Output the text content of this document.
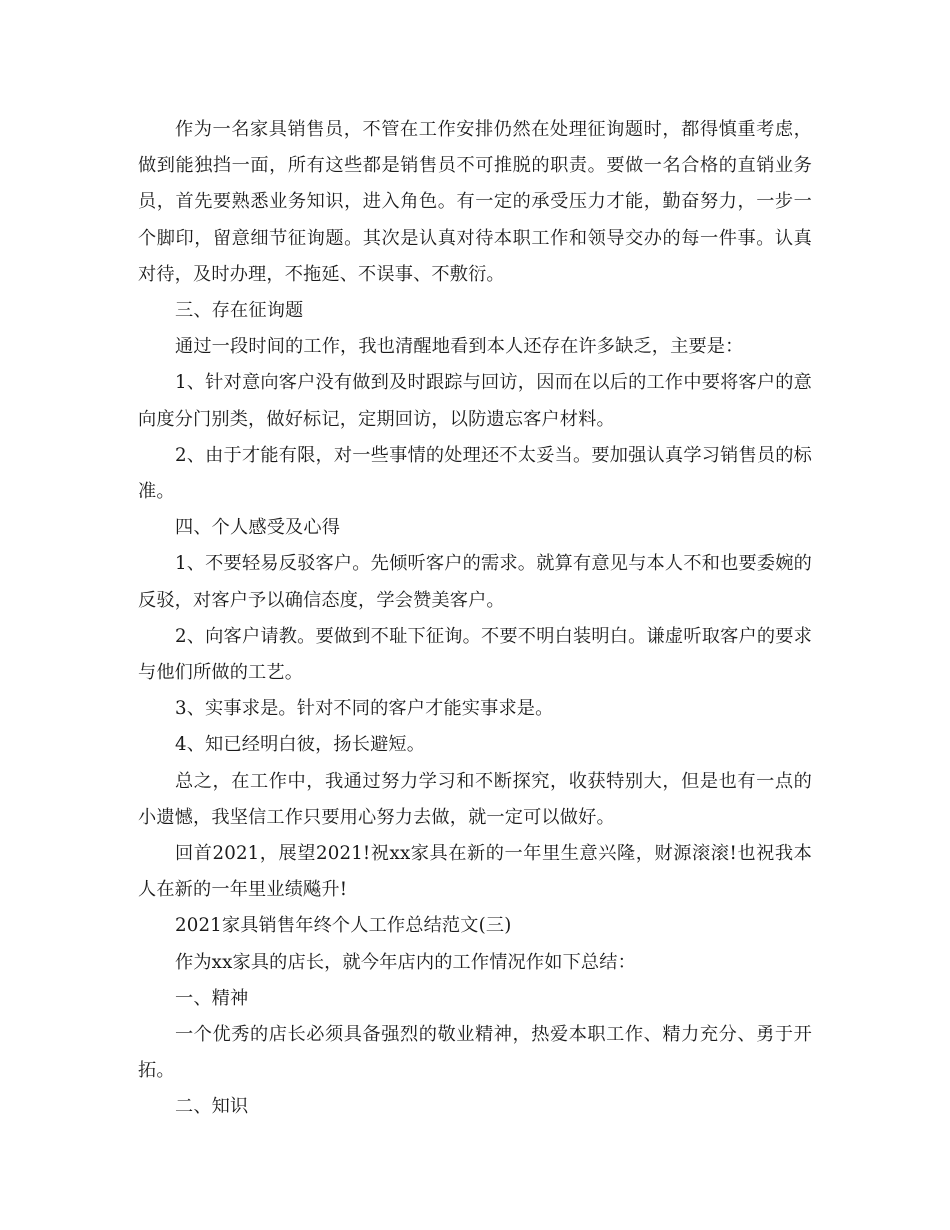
作为一名家具销售员，不管在工作安排仍然在处理征询题时，都得慎重考虑，做到能独挡一面，所有这些都是销售员不可推脱的职责。要做一名合格的直销业务员，首先要熟悉业务知识，进入角色。有一定的承受压力才能，勤奋努力，一步一个脚印，留意细节征询题。其次是认真对待本职工作和领导交办的每一件事。认真对待，及时办理，不拖延、不误事、不敷衍。

三、存在征询题

通过一段时间的工作，我也清醒地看到本人还存在许多缺乏，主要是：

1、针对意向客户没有做到及时跟踪与回访，因而在以后的工作中要将客户的意向度分门别类，做好标记，定期回访，以防遗忘客户材料。

2、由于才能有限，对一些事情的处理还不太妥当。要加强认真学习销售员的标准。

四、个人感受及心得

1、不要轻易反驳客户。先倾听客户的需求。就算有意见与本人不和也要委婉的反驳，对客户予以确信态度，学会赞美客户。

2、向客户请教。要做到不耻下征询。不要不明白装明白。谦虚听取客户的要求与他们所做的工艺。

3、实事求是。针对不同的客户才能实事求是。

4、知已经明白彼，扬长避短。

总之，在工作中，我通过努力学习和不断探究，收获特别大，但是也有一点的小遗憾，我坚信工作只要用心努力去做，就一定可以做好。

回首2021，展望2021!祝xx家具在新的一年里生意兴隆，财源滚滚!也祝我本人在新的一年里业绩飚升!

2021家具销售年终个人工作总结范文(三)

作为xx家具的店长，就今年店内的工作情况作如下总结：

一、精神

一个优秀的店长必须具备强烈的敬业精神，热爱本职工作、精力充分、勇于开拓。

二、知识
